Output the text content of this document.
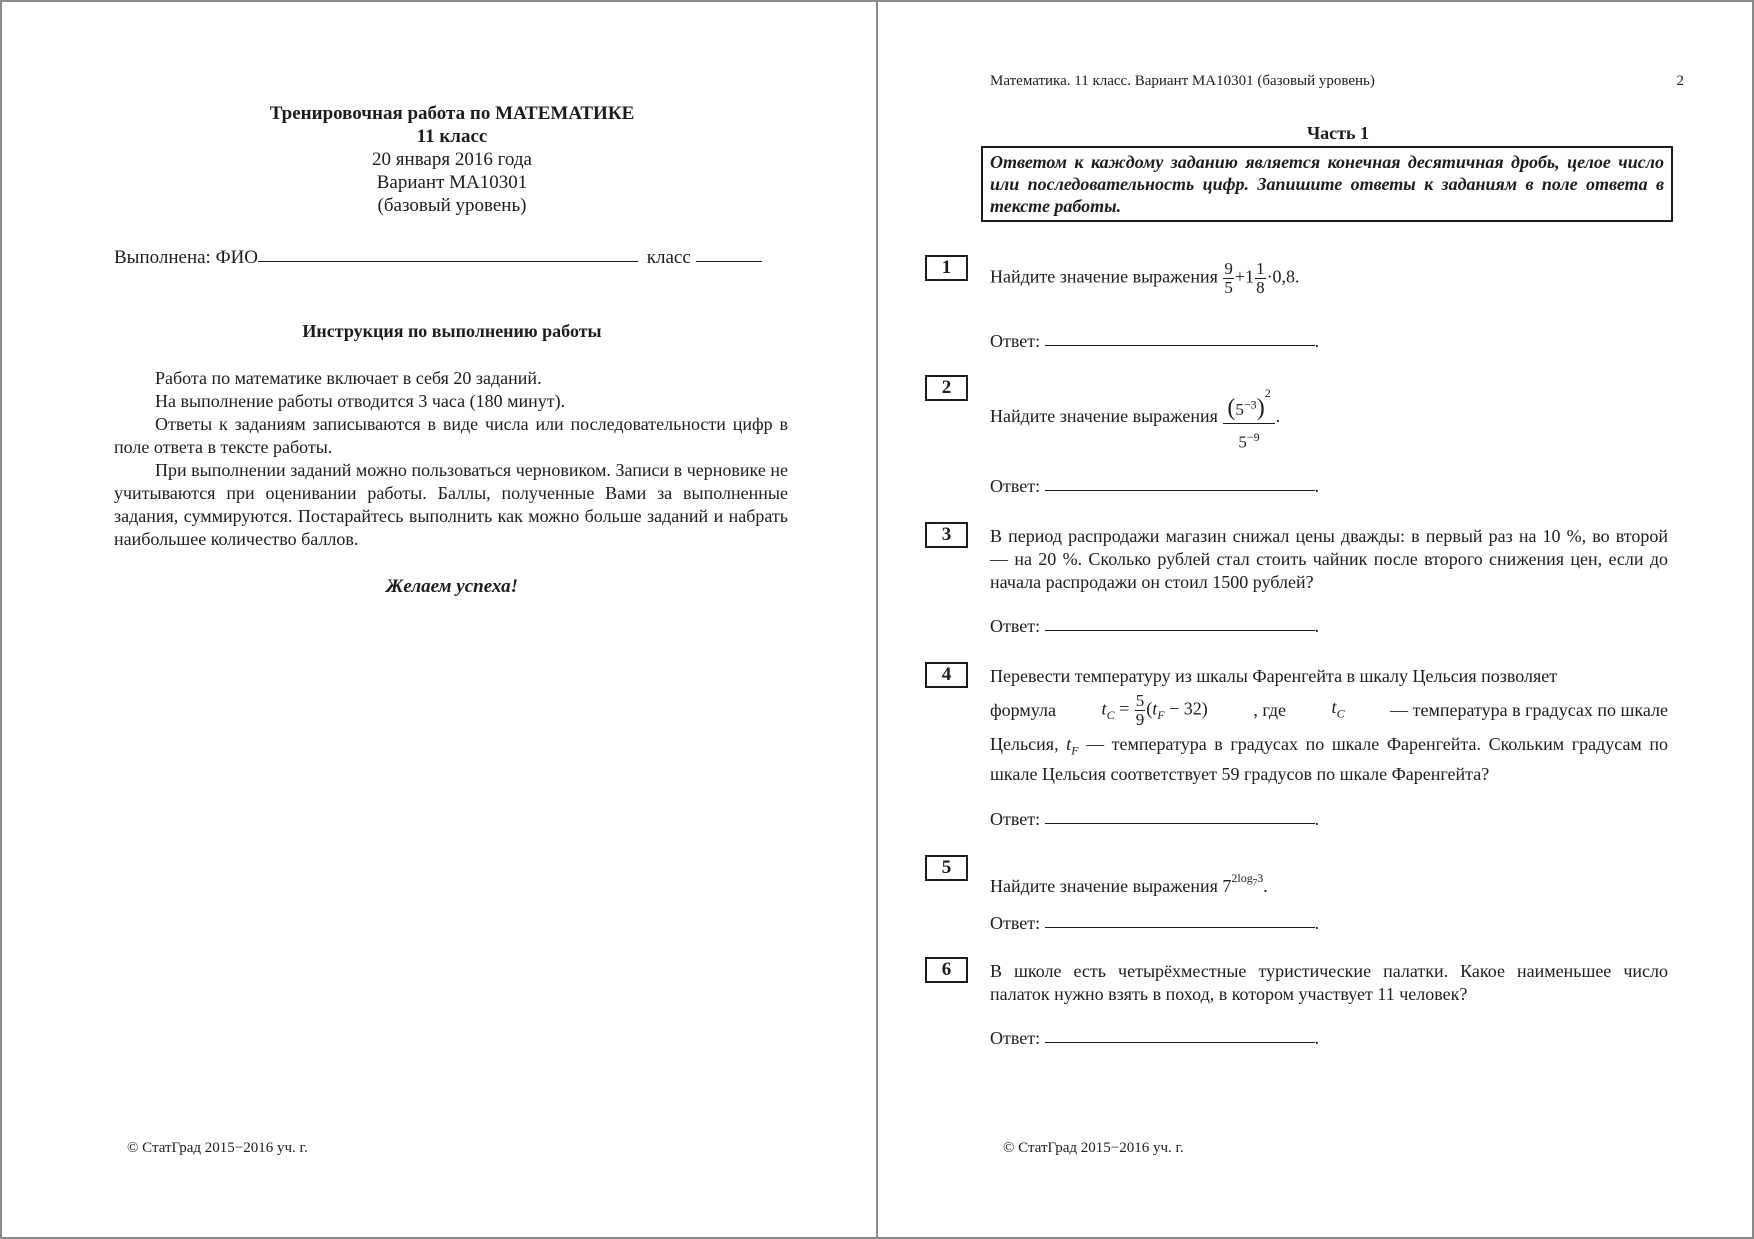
Тренировочная работа по МАТЕМАТИКЕ
11 класс
20 января 2016 года
Вариант МА10301
(базовый уровень)
Выполнена: ФИО	класс
Инструкция по выполнению работы

Работа по математике включает в себя 20 заданий.

На выполнение работы отводится 3 часа (180 минут).

Ответы к заданиям записываются в виде числа или последовательности цифр в поле ответа в тексте работы.

При выполнении заданий можно пользоваться черновиком. Записи в черновике не учитываются при оценивании работы. Баллы, полученные Вами за выполненные задания, суммируются. Постарайтесь выполнить как можно больше заданий и набрать наибольшее количество баллов.

Желаем успеха!
© СтатГрад 2015−2016 уч. г.
Математика. 11 класс. Вариант МА10301 (базовый уровень)	2
Часть 1
Ответом к каждому заданию является конечная десятичная дробь, целое число или последовательность цифр. Запишите ответы к заданиям в поле ответа в тексте работы.
1	Найдите значение выражения $\frac{9}{5} +1 \frac{1}{8} \cdot 0,8$.
Ответ:	.
2
Найдите значение выражения $\frac{(5^{-3})^2}{5^{-9}}$ .
Ответ:	.
3	В период распродажи магазин снижал цены дважды: в первый раз на 10 %, во второй — на 20 %. Сколько рублей стал стоить чайник после второго снижения цен, если до начала распродажи он стоил 1500 рублей?
Ответ:	.
4	Перевести температуру из шкалы Фаренгейта в шкалу Цельсия позволяет
формула	$t_C = \frac{5}{9} (t_F - 32)$	, где	$t_C$	— температура в градусах по шкале
Цельсия, $t_F$ — температура в градусах по шкале Фаренгейта. Скольким градусам по шкале Цельсия соответствует 59 градусов по шкале Фаренгейта?
Ответ:	.
5
Найдите значение выражения $7^{2log_73}$.
Ответ:	.
6	В школе есть четырёхместные туристические палатки. Какое наименьшее число палаток нужно взять в поход, в котором участвует 11 человек?
Ответ:	.
© СтатГрад 2015−2016 уч. г.
